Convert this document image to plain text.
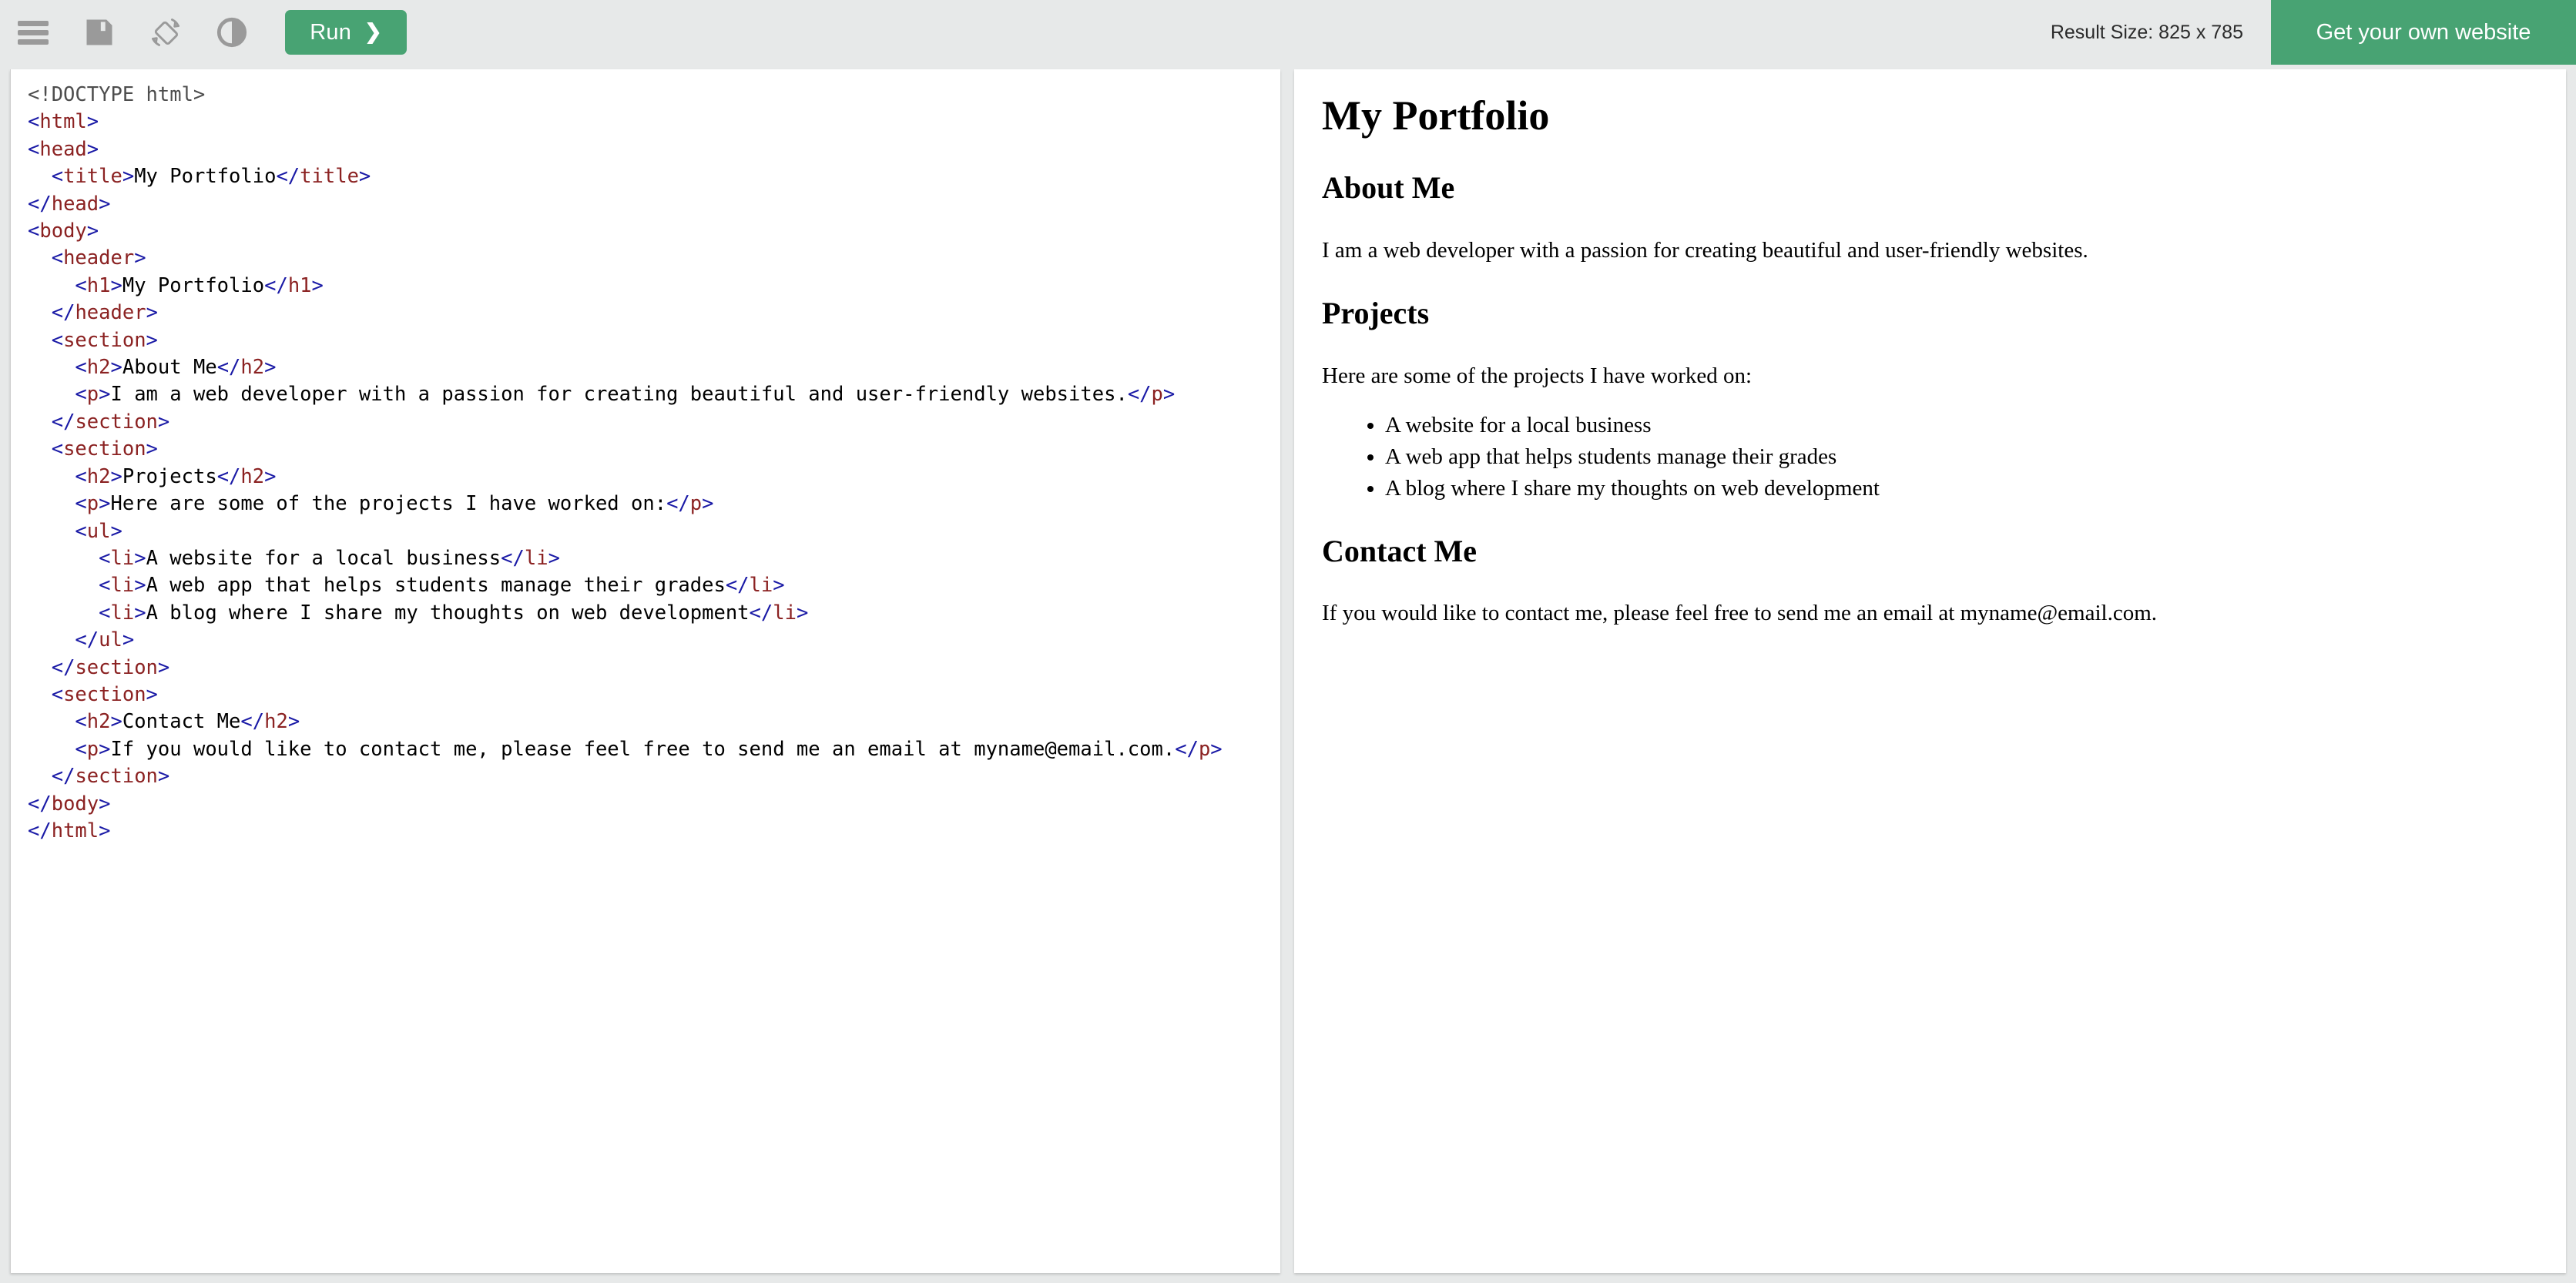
Run ❯	Result Size: 825 x 785	Get your own website
<!DOCTYPE html>
<html>
<head>
<title>My Portfolio</title>
</head>
<body>
<header>
<h1>My Portfolio</h1>
</header>
<section>
<h2>About Me</h2>
<p>I am a web developer with a passion for creating beautiful and user-friendly websites.</p>
</section>
<section>
<h2>Projects</h2>
<p>Here are some of the projects I have worked on:</p>
<ul>
<li>A website for a local business</li>
<li>A web app that helps students manage their grades</li>
<li>A blog where I share my thoughts on web development</li>
</ul>
</section>
<section>
<h2>Contact Me</h2>
<p>If you would like to contact me, please feel free to send me an email at myname@email.com.</p>
</section>
</body>
</html>
My Portfolio
About Me

I am a web developer with a passion for creating beautiful and user-friendly websites.

Projects

Here are some of the projects I have worked on:

• A website for a local business
• A web app that helps students manage their grades
• A blog where I share my thoughts on web development
Contact Me

If you would like to contact me, please feel free to send me an email at myname@email.com.
